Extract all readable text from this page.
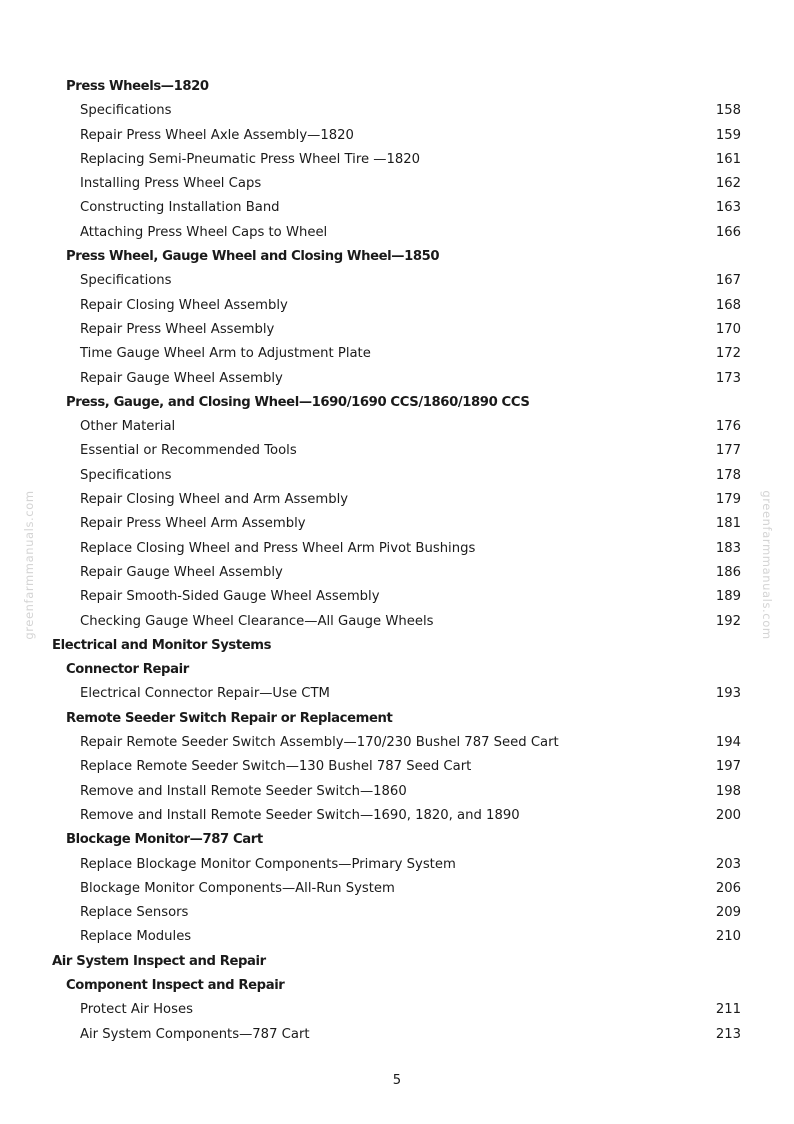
greenfarmmanuals.com	greenfarmmanuals.com
Press Wheels—1820
Specifications	158
Repair Press Wheel Axle Assembly—1820	159
Replacing Semi-Pneumatic Press Wheel Tire —1820	161
Installing Press Wheel Caps	162
Constructing Installation Band	163
Attaching Press Wheel Caps to Wheel	166
Press Wheel, Gauge Wheel and Closing Wheel—1850
Specifications	167
Repair Closing Wheel Assembly	168
Repair Press Wheel Assembly	170
Time Gauge Wheel Arm to Adjustment Plate	172
Repair Gauge Wheel Assembly	173
Press, Gauge, and Closing Wheel—1690/1690 CCS/1860/1890 CCS
Other Material	176
Essential or Recommended Tools	177
Specifications	178
Repair Closing Wheel and Arm Assembly	179
Repair Press Wheel Arm Assembly	181
Replace Closing Wheel and Press Wheel Arm Pivot Bushings	183
Repair Gauge Wheel Assembly	186
Repair Smooth-Sided Gauge Wheel Assembly	189
Checking Gauge Wheel Clearance—All Gauge Wheels	192
Electrical and Monitor Systems
Connector Repair
Electrical Connector Repair—Use CTM	193
Remote Seeder Switch Repair or Replacement
Repair Remote Seeder Switch Assembly—170/230 Bushel 787 Seed Cart	194
Replace Remote Seeder Switch—130 Bushel 787 Seed Cart	197
Remove and Install Remote Seeder Switch—1860	198
Remove and Install Remote Seeder Switch—1690, 1820, and 1890	200
Blockage Monitor—787 Cart
Replace Blockage Monitor Components—Primary System	203
Blockage Monitor Components—All-Run System	206
Replace Sensors	209
Replace Modules	210
Air System Inspect and Repair
Component Inspect and Repair
Protect Air Hoses	211
Air System Components—787 Cart	213
5
